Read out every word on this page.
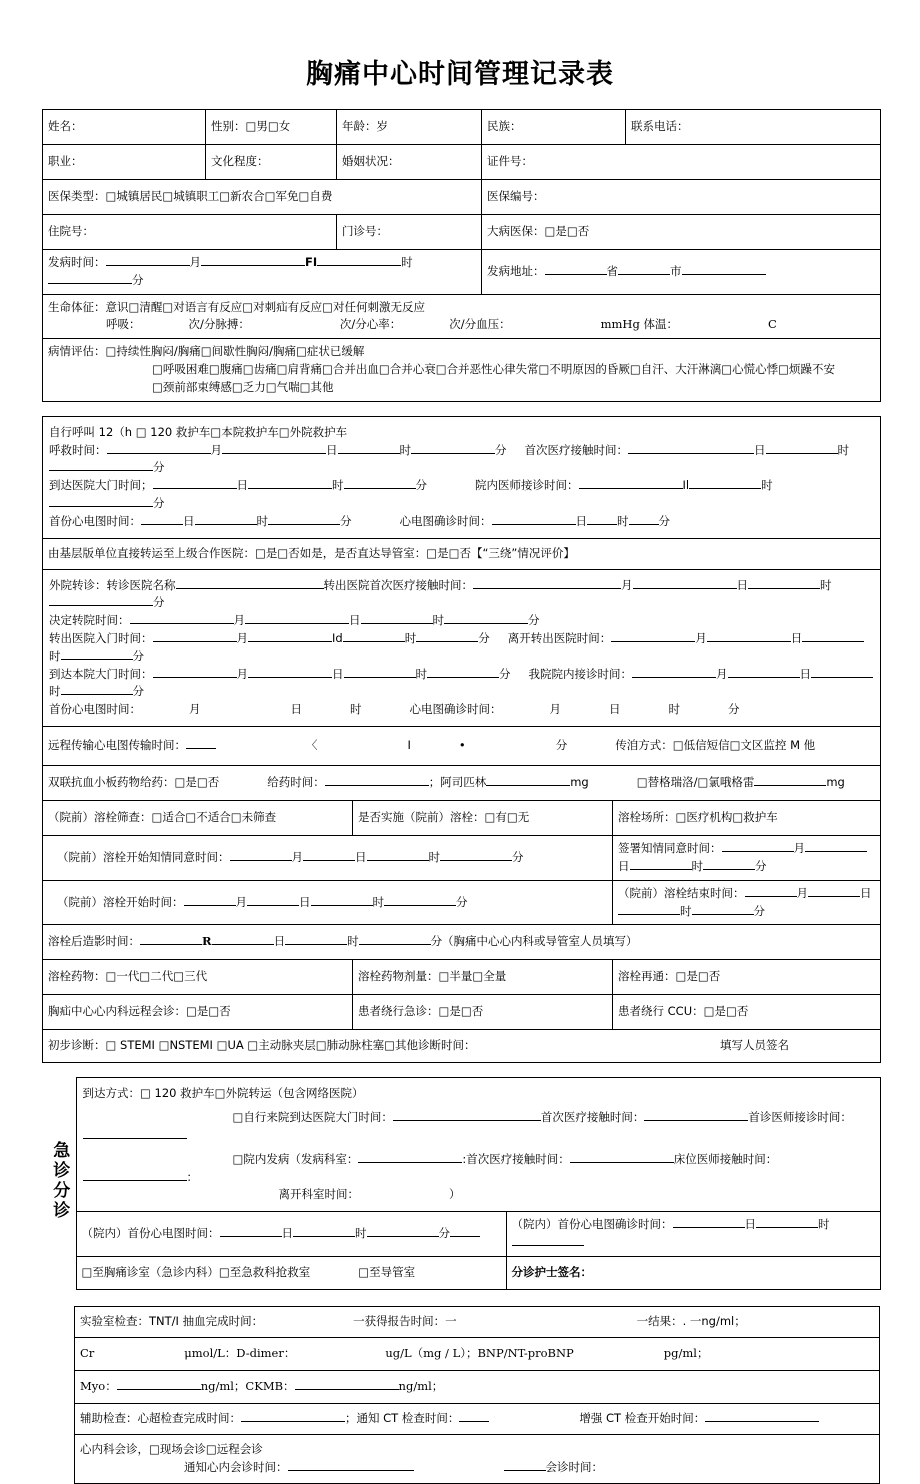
胸痛中心时间管理记录表
姓名：	性别：□男□女	年龄：岁	民族：	联系电话：
职业：	文化程度：	婚姻状况：	证件号：	
医保类型：□城镇居民□城镇职工□新农合□军免□自费			医保编号：	
住院号：		门诊号：	大病医保：□是□否	
发病时间： 月 FI 时分			发病地址： 省 市	

生命体征：意识□清醒□对语言有反应□对刺疝有反应□对任何刺激无反应
呼吸： 次/分脉搏： 次/分心率： 次/分血压： mmHg 体温： C				

病情评估：□持续性胸闷/胸痛□间歇性胸闷/胸痛□症状已缓解
□呼吸困难□腹痛□齿痛□肩背痛□合并出血□合并心衰□合并恶性心律失常□不明原因的昏厥□自汗、大汗淋漓□心慌心悸□烦躁不安
□颈前部束缚感□乏力□气喘□其他				
自行呼叫 12（h □ 120 救护车□本院救护车□外院救护车
呼救时间： 月 日 时 分 首次医疗接触时间： 日 时分
到达医院大门时间； 日 时 分 院内医师接诊时间： Il 时分
首份心电图时间： 日 时 分 心电图确诊时间： 日 时 分		

由基层版单位直接转运至上级合作医院：□是□否如是，是否直达导管室：□是□否【“三绕”情况评价】		

外院转诊：转诊医院名称 转出医院首次医疗接触时间： 月 日 时分
决定转院时间： 月 日 时 分
转出医院入门时间： 月 Id 时 分 离开转出医院时间： 月 日时 分
到达本院大门时间： 月 日 时 分 我院院内接诊时间： 月 日时 分
首份心电图时间： 月 日 时 心电图确诊时间： 月 日 时 分		

远程传输心电图传输时间： 〈 I • 分 传洎方式：□低信短信□文区监控 M 他		
双联抗血小板药物给药：□是□否 给药时间： ；阿司匹林 mg □替格瑞洛/□氯哦格雷 mg		
（院前）溶栓筛查：□适合□不适合□未筛查	是否实施（院前）溶栓：□有□无	溶栓场所：□医疗机构□救护车
（院前）溶栓开始知情同意时间： 月 日 时 分		签署知情同意时间： 月日 时 分
（院前）溶栓开始时间： 月 日 时 分		（院前）溶栓结束时间： 月 日时 分
溶栓后造影时间： R 日 时 分（胸痛中心心内科或导管室人员填写）		
溶栓药物：□一代□二代□三代	溶栓药物剂量：□半量□全量	溶栓再通：□是□否
胸疝中心心内科远程会诊：□是□否	患者绕行急诊：□是□否	患者绕行 CCU：□是□否
初步诊断：□ STEMI □NSTEMI □UA □主动脉夹层□肺动脉柱塞□其他诊断时间： 填写人员签名		
急诊分诊	到达方式：□ 120 救护车□外院转运（包含网络医院）
□自行来院到达医院大门时间： 首次医疗接触时间： 首诊医师接诊时间：
□院内发病（发病科室： :首次医疗接触时间： 床位医师接触时间：：
离开科室时间： ）	

	（院内）首份心电图时间： 日 时 分	（院内）首份心电图确诊时间： 日 时
	□至胸痛诊室（急诊内科）□至急救科抢救室 □至导管室	分诊护士签名：
实验室检查：TNT/I 抽血完成时间：	一获得报告时间：一	一结果：. 一ng/ml；
Cr	μmol/L：D-dimer：	ug/L（mg / L）；BNP/NT-proBNP	pg/ml；
Myo：	ng/ml；CKMB：	ng/ml；
辅助检查：心超检查完成时间：	；通知 CT 检查时间：	增强 CT 检查开始时间：

心内科会诊，□现场会诊□远程会诊
通知心内会诊时间：	会诊时间：
